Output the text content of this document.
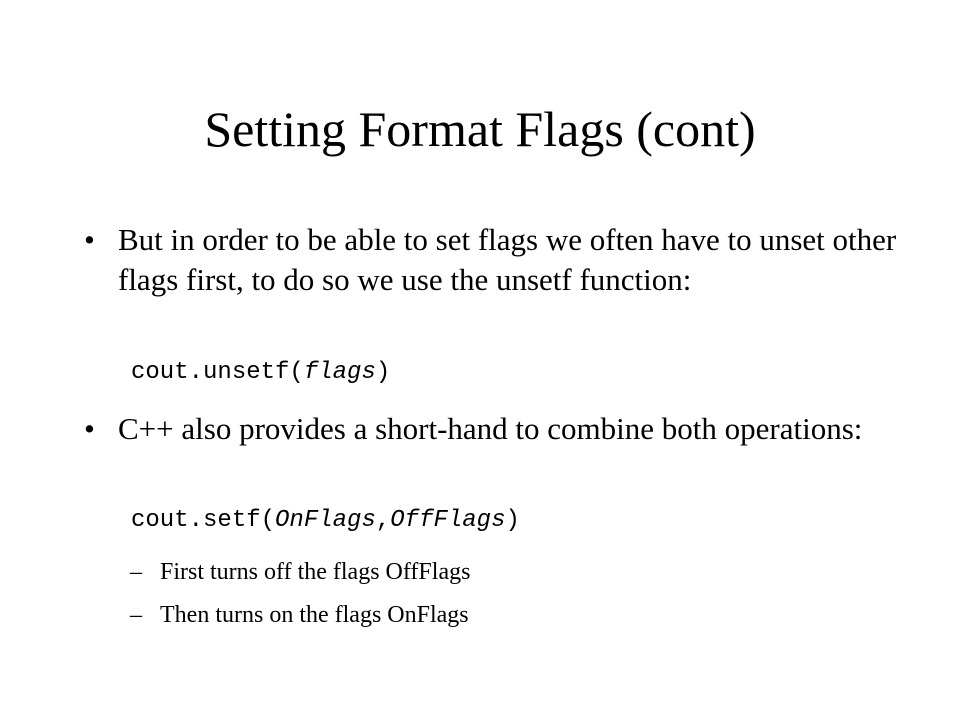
Setting Format Flags (cont)
• But in order to be able to set flags we often have to unset other flags first, to do so we use the unsetf function:
cout.unsetf(flags)
• C++ also provides a short-hand to combine both operations:
cout.setf(OnFlags,OffFlags)
– First turns off the flags OffFlags
– Then turns on the flags OnFlags
